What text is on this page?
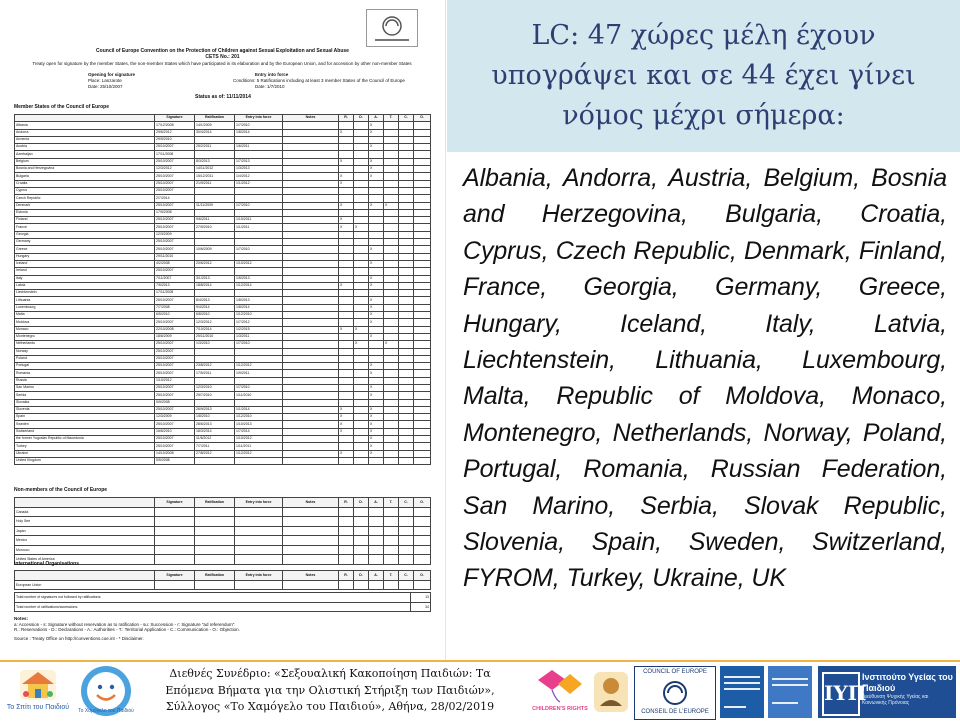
Council of Europe Convention on the Protection of Children against Sexual Exploitation and Sexual Abuse
CETS No.: 201
Treaty open for signature by the member States, the non-member States which have participated in its elaboration and by the European Union, and for accession by other non-member States
Opening for signature
Place: Lanzarote
Date: 25/10/2007
Entry into force
Conditions: 5 Ratifications including at least 3 member States of the Council of Europe
Date: 1/7/2010
Status as of: 11/11/2014
Member States of the Council of Europe
	Signature	Ratification	Entry into force	Notes	R.	D.	A.	T.	C.	O.
Albania	17/12/2008	14/1/2009	1/7/2010				X			
Andorra	29/6/2012	30/4/2014	1/8/2014		X		X			
Armenia	29/9/2010									
Austria	25/10/2007	25/2/2011	1/6/2011				X			
Azerbaijan	17/11/2008									
Belgium	25/10/2007	8/3/2013	1/7/2013		X		X			
Bosnia and Herzegovina	12/3/2012	14/11/2012	1/3/2013				X			
Bulgaria	25/10/2007	15/12/2011	1/4/2012		X		X			
Croatia	25/10/2007	21/9/2011	1/1/2012		X					
Cyprus	25/10/2007									
Czech Republic	2/7/2014									
Denmark	25/10/2007	11/11/2009	1/7/2010		X		X	X		
Estonia	17/9/2008									
Finland	25/10/2007	9/6/2011	1/10/2011		X					
France	25/10/2007	27/9/2010	1/1/2011		X	X				
Georgia	12/3/2009									
Germany	25/10/2007									
Greece	25/10/2007	10/6/2009	1/7/2010				X			
Hungary	29/11/2010									
Iceland	4/2/2008	20/6/2012	1/10/2012				X			
Ireland	25/10/2007									
Italy	7/11/2007	3/1/2013	1/5/2013				X			
Latvia	7/5/2013	18/8/2014	1/12/2014		X		X			
Liechtenstein	17/11/2008									
Lithuania	25/10/2007	8/4/2013	1/8/2013				X			
Luxembourg	7/7/2008	9/4/2014	1/8/2014				X			
Malta	6/5/2010	6/8/2010	1/12/2010				X			
Moldova	25/10/2007	12/3/2012	1/7/2012				X			
Monaco	22/10/2008	7/10/2014	1/2/2015		X	X				
Montenegro	18/6/2009	25/11/2010	1/3/2011				X			
Netherlands	25/10/2007	1/3/2010	1/7/2010			X		X		
Norway	25/10/2007									
Poland	25/10/2007									
Portugal	25/10/2007	23/8/2012	1/12/2012				X			
Romania	25/10/2007	17/5/2011	1/9/2011				X			
Russia	1/10/2012									
San Marino	25/10/2007	12/3/2010	1/7/2010				X			
Serbia	25/10/2007	29/7/2010	1/11/2010				X			
Slovakia	9/9/2008									
Slovenia	25/10/2007	26/9/2013	1/1/2014		X		X			
Spain	12/3/2009	1/8/2010	1/12/2010		X		X			
Sweden	25/10/2007	28/6/2013	1/10/2013		X		X			
Switzerland	16/6/2010	18/3/2014	1/7/2014		X		X			
the former Yugoslav Republic of Macedonia	25/10/2007	11/6/2012	1/10/2012				X			
Turkey	25/10/2007	7/7/2011	1/11/2011				X			
Ukraine	14/10/2008	27/8/2012	1/12/2012		X		X			
United Kingdom	5/5/2008									
Non-members of the Council of Europe
	Signature	Ratification	Entry into force	Notes	R.	D.	A.	T.	C.	O.
Canada										
Holy See										
Japan										
Mexico										
Morocco										
United States of America										
International Organisations
	Signature	Ratification	Entry into force	Notes	R.	D.	A.	T.	C.	O.
European Union										
Total number of signatures not followed by ratifications:	13
Total number of ratifications/accessions:	34
Notes:
a: Accession - s: Signature without reservation as to ratification - su: Succession - r: Signature "ad referendum".
R.: Reservations - D.: Declarations - A.: Authorities - T.: Territorial Application - C.: Communication - O.: Objection.
Source : Treaty Office on http://conventions.coe.int - * Disclaimer.
LC: 47 χώρες μέλη έχουν υπογράψει και σε 44 έχει γίνει νόμος μέχρι σήμερα:
Albania, Andorra, Austria, Belgium, Bosnia and Herzegovina, Bulgaria, Croatia, Cyprus, Czech Republic, Denmark, Finland, France, Georgia, Germany, Greece, Hungary, Iceland, Italy, Latvia, Liechtenstein, Lithuania, Luxembourg, Malta, Republic of Moldova, Monaco, Montenegro, Netherlands, Norway, Poland, Portugal, Romania, Russian Federation, San Marino, Serbia, Slovak Republic, Slovenia, Spain, Sweden, Switzerland, FYROM, Turkey, Ukraine, UK
Το Σπίτι του Παιδιού Το Χαμόγελο του Παιδιού
Διεθνές Συνέδριο: «Σεξουαλική Κακοποίηση Παιδιών: Τα
Επόμενα Βήματα για την Ολιστική Στήριξη των Παιδιών»,
Σύλλογος «Το Χαμόγελο του Παιδιού», Αθήνα, 28/02/2019	CHILDREN'S RIGHTS
COUNCIL OF EUROPE
CONSEIL DE L'EUROPE
ΙΥΠ
Ινστιτούτο Υγείας του Παιδιού
Διεύθυνση Ψυχικής Υγείας και Κοινωνικής Πρόνοιας
